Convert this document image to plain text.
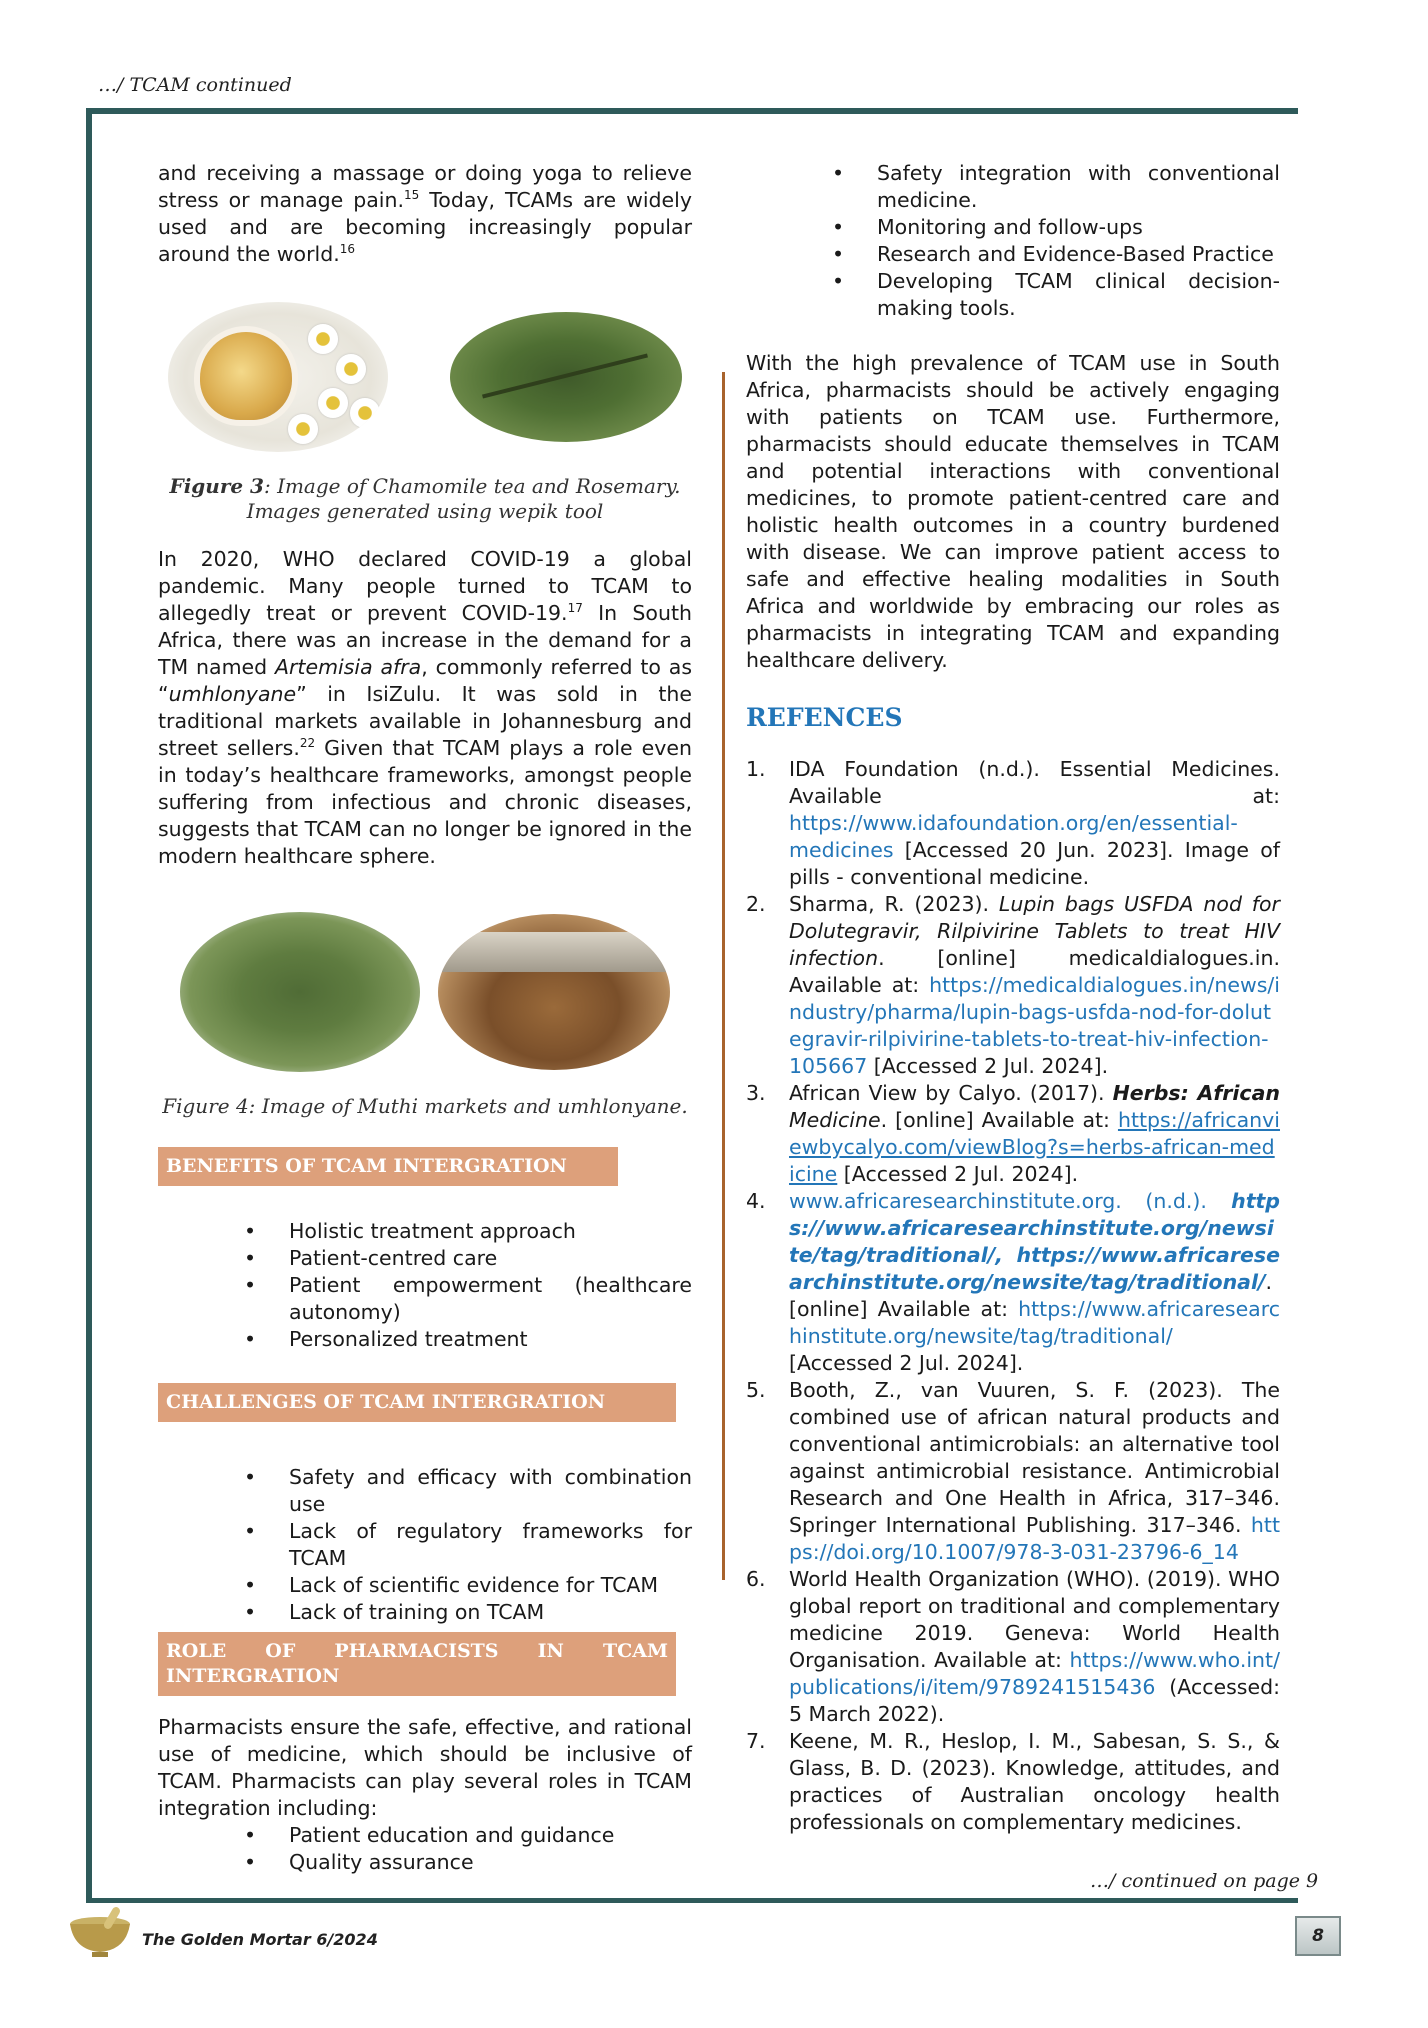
…/ TCAM continued

and receiving a massage or doing yoga to relieve stress or manage pain.$^{15}$ Today, TCAMs are widely used and are becoming increasingly popular around the world.$^{16}$

Figure 3: Image of Chamomile tea and Rosemary.
Images generated using wepik tool

In 2020, WHO declared COVID-19 a global pandemic. Many people turned to TCAM to allegedly treat or prevent COVID-19.17 In South Africa, there was an increase in the demand for a TM named Artemisia afra, commonly referred to as “umhlonyane” in IsiZulu. It was sold in the traditional markets available in Johannesburg and street sellers.$^{22}$ Given that TCAM plays a role even in today’s healthcare frameworks, amongst people suffering from infectious and chronic diseases, suggests that TCAM can no longer be ignored in the modern healthcare sphere.

Figure 4: Image of Muthi markets and umhlonyane.
BENEFITS OF TCAM INTERGRATION
• Holistic treatment approach
• Patient-centred care
• Patient empowerment (healthcare autonomy)
• Personalized treatment
CHALLENGES OF TCAM INTERGRATION
• Safety and efficacy with combination use
• Lack of regulatory frameworks for TCAM
• Lack of scientific evidence for TCAM
• Lack of training on TCAM
ROLE OF PHARMACISTS IN TCAM INTERGRATION

Pharmacists ensure the safe, effective, and rational use of medicine, which should be inclusive of TCAM. Pharmacists can play several roles in TCAM integration including:

• Patient education and guidance
• Quality assurance
• Safety integration with conventional medicine.
• Monitoring and follow-ups
• Research and Evidence-Based Practice
• Developing TCAM clinical decision-making tools.

With the high prevalence of TCAM use in South Africa, pharmacists should be actively engaging with patients on TCAM use. Furthermore, pharmacists should educate themselves in TCAM and potential interactions with conventional medicines, to promote patient-centred care and holistic health outcomes in a country burdened with disease. We can improve patient access to safe and effective healing modalities in South Africa and worldwide by embracing our roles as pharmacists in integrating TCAM and expanding healthcare delivery.

REFENCES
1. IDA Foundation (n.d.). Essential Medicines. Available at: https://www.idafoundation.org/en/essential-medicines [Accessed 20 Jun. 2023]. Image of pills - conventional medicine.
2. Sharma, R. (2023). Lupin bags USFDA nod for Dolutegravir, Rilpivirine Tablets to treat HIV infection. [online] medicaldialogues.in. Available at: https://medicaldialogues.in/news/industry/pharma/lupin-bags-usfda-nod-for-dolutegravir-rilpivirine-tablets-to-treat-hiv-infection-105667 [Accessed 2 Jul. 2024].
3. African View by Calyo. (2017). Herbs: African Medicine. [online] Available at: https://africanviewbycalyo.com/viewBlog?s=herbs-african-medicine [Accessed 2 Jul. 2024].
4. www.africaresearchinstitute.org. (n.d.). https://www.africaresearchinstitute.org/newsite/tag/traditional/, https://www.africaresearchinstitute.org/newsite/tag/traditional/. [online] Available at: https://www.africaresearchinstitute.org/newsite/tag/traditional/ [Accessed 2 Jul. 2024].
5. Booth, Z., van Vuuren, S. F. (2023). The combined use of african natural products and conventional antimicrobials: an alternative tool against antimicrobial resistance. Antimicrobial Research and One Health in Africa, 317–346. Springer International Publishing. 317–346. https://doi.org/10.1007/978-3-031-23796-6_14
6. World Health Organization (WHO). (2019). WHO global report on traditional and complementary medicine 2019. Geneva: World Health Organisation. Available at: https://www.who.int/publications/i/item/9789241515436 (Accessed: 5 March 2022).
7. Keene, M. R., Heslop, I. M., Sabesan, S. S., & Glass, B. D. (2023). Knowledge, attitudes, and practices of Australian oncology health professionals on complementary medicines.
…/ continued on page 9
The Golden Mortar 6/2024	8
